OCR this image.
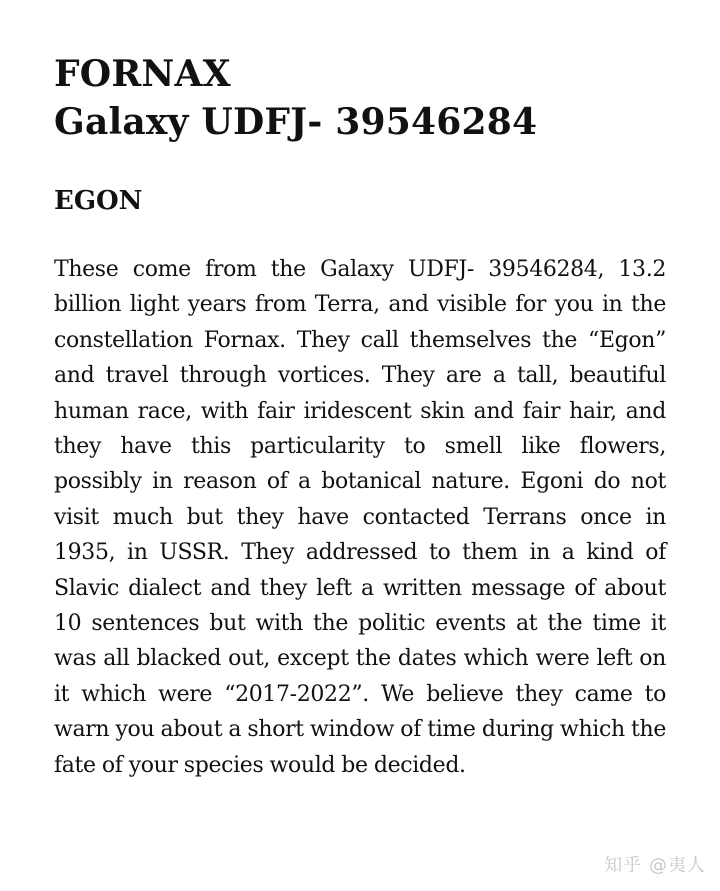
FORNAX
Galaxy UDFJ- 39546284
EGON

These come from the Galaxy UDFJ- 39546284, 13.2 billion light years from Terra, and visible for you in the constellation Fornax. They call themselves the “Egon” and travel through vortices. They are a tall, beautiful human race, with fair iridescent skin and fair hair, and they have this particularity to smell like flowers, possibly in reason of a botanical nature. Egoni do not visit much but they have contacted Terrans once in 1935, in USSR. They addressed to them in a kind of Slavic dialect and they left a written message of about 10 sentences but with the politic events at the time it was all blacked out, except the dates which were left on it which were “2017-2022”. We believe they came to warn you about a short window of time during which the fate of your species would be decided.

知乎 @夷人
